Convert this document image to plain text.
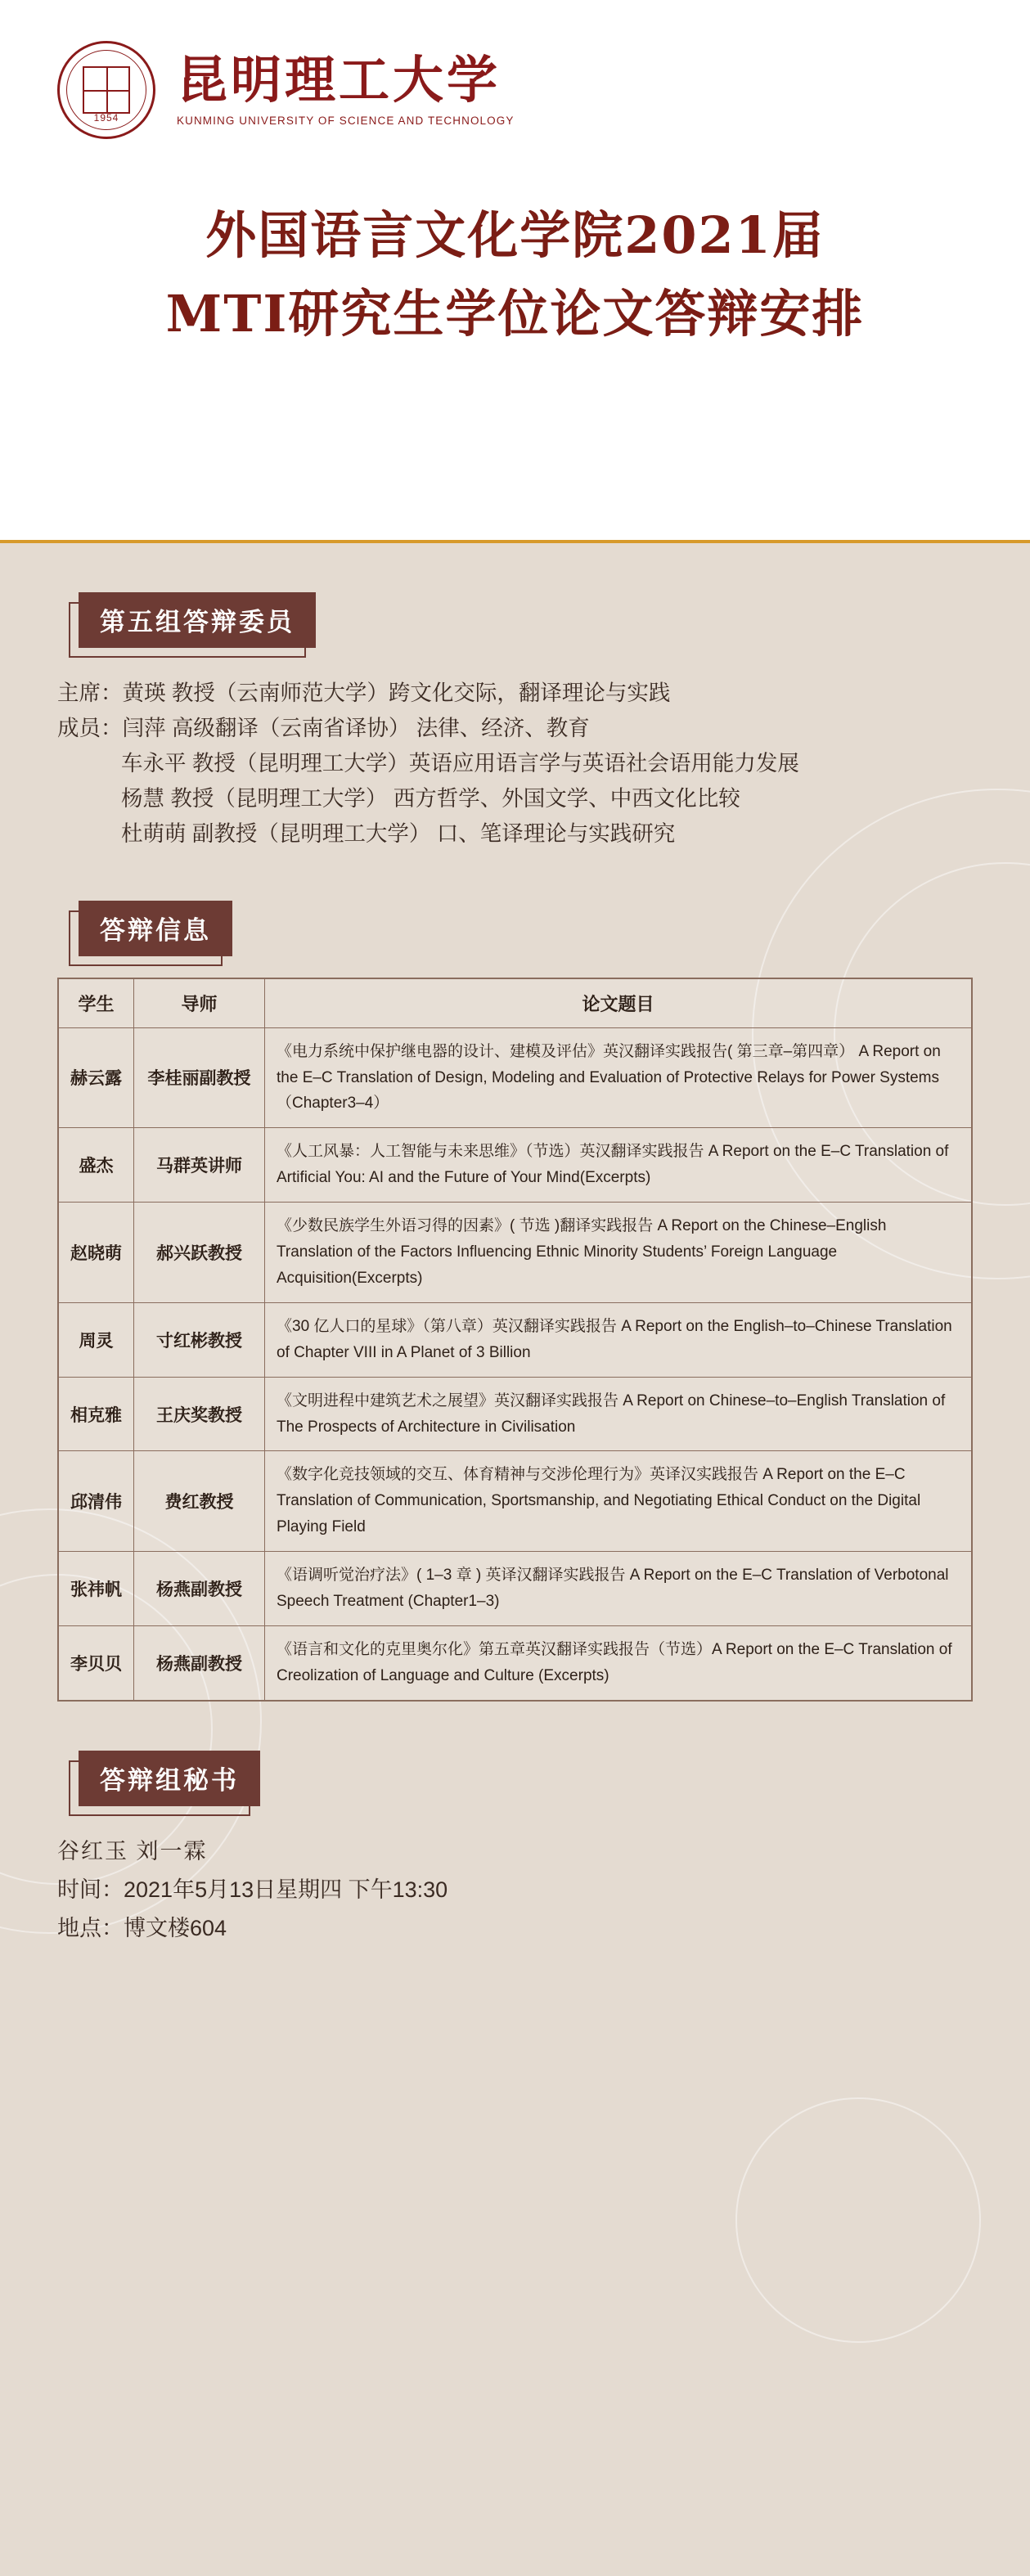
1954
昆明理工大学
KUNMING UNIVERSITY OF SCIENCE AND TECHNOLOGY
外国语言文化学院2021届
MTI研究生学位论文答辩安排
第五组答辩委员
主席： 黄瑛 教授（云南师范大学）跨文化交际，翻译理论与实践
成员： 闫萍 高级翻译（云南省译协） 法律、经济、教育
车永平 教授（昆明理工大学）英语应用语言学与英语社会语用能力发展
杨慧 教授（昆明理工大学） 西方哲学、外国文学、中西文化比较
杜萌萌 副教授（昆明理工大学） 口、笔译理论与实践研究
答辩信息
学生	导师	论文题目
赫云露	李桂丽副教授	《电力系统中保护继电器的设计、建模及评估》英汉翻译实践报告( 第三章–第四章） A Report on the E–C Translation of Design, Modeling and Evaluation of Protective Relays for Power Systems （Chapter3–4）
盛杰	马群英讲师	《人工风暴：人工智能与未来思维》（节选）英汉翻译实践报告 A Report on the E–C Translation of Artificial You: AI and the Future of Your Mind(Excerpts)
赵晓萌	郝兴跃教授	《少数民族学生外语习得的因素》( 节选 )翻译实践报告 A Report on the Chinese–English Translation of the Factors Influencing Ethnic Minority Students’ Foreign Language Acquisition(Excerpts)
周灵	寸红彬教授	《30 亿人口的星球》（第八章）英汉翻译实践报告 A Report on the English–to–Chinese Translation of Chapter VIII in A Planet of 3 Billion
相克雅	王庆奖教授	《文明进程中建筑艺术之展望》英汉翻译实践报告 A Report on Chinese–to–English Translation of The Prospects of Architecture in Civilisation
邱清伟	费红教授	《数字化竞技领域的交互、体育精神与交涉伦理行为》英译汉实践报告 A Report on the E–C Translation of Communication, Sportsmanship, and Negotiating Ethical Conduct on the Digital Playing Field
张祎帆	杨燕副教授	《语调听觉治疗法》( 1–3 章 ) 英译汉翻译实践报告 A Report on the E–C Translation of Verbotonal Speech Treatment (Chapter1–3)
李贝贝	杨燕副教授	《语言和文化的克里奥尔化》第五章英汉翻译实践报告（节选）A Report on the E–C Translation of Creolization of Language and Culture (Excerpts)
答辩组秘书
谷红玉 刘一霖
时间：2021年5月13日星期四 下午13:30
地点：博文楼604
